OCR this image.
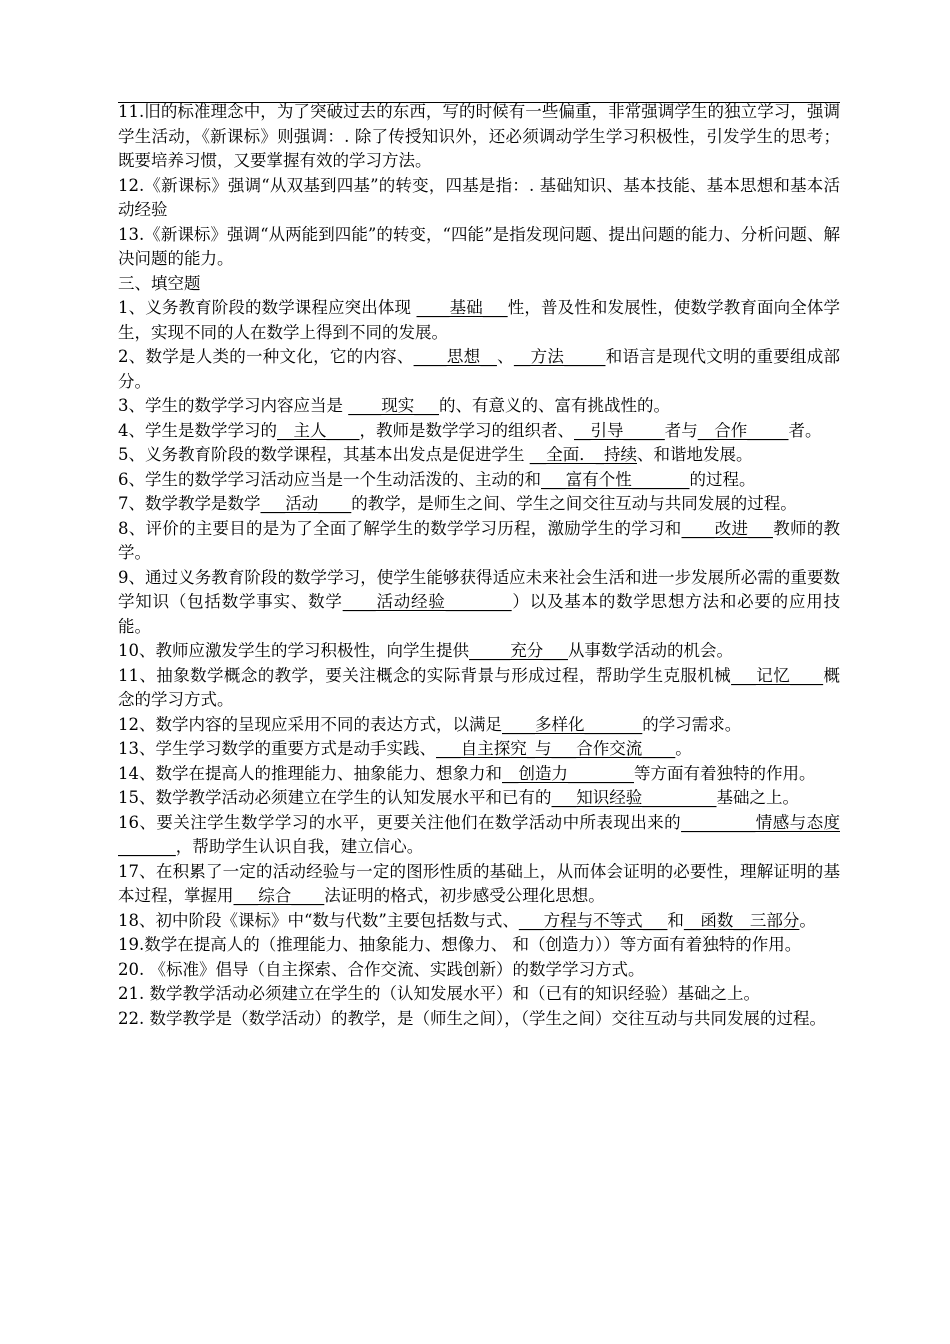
11.旧的标准理念中，为了突破过去的东西，写的时候有一些偏重，非常强调学生的独立学习，强调学生活动，《新课标》则强调：. 除了传授知识外，还必须调动学生学习积极性，引发学生的思考；既要培养习惯，又要掌握有效的学习方法。

12.《新课标》强调“从双基到四基”的转变，四基是指：. 基础知识、基本技能、基本思想和基本活动经验

13.《新课标》强调“从两能到四能”的转变，“四能”是指发现问题、提出问题的能力、分析问题、解决问题的能力。

三、填空题

1、义务教育阶段的数学课程应突出体现 ____基础___性，普及性和发展性，使数学教育面向全体学生，实现不同的人在数学上得到不同的发展。

2、数学是人类的一种文化，它的内容、____思想__、__方法_____和语言是现代文明的重要组成部分。

3、学生的数学学习内容应当是 ____现实___的、有意义的、富有挑战性的。

4、学生是数学学习的__主人____，教师是数学学习的组织者、__引导_____者与__合作_____者。

5、义务教育阶段的数学课程，其基本出发点是促进学生 __全面．_持续、和谐地发展。

6、学生的数学学习活动应当是一个生动活泼的、主动的和___富有个性_______的过程。

7、数学教学是数学___活动____的教学，是师生之间、学生之间交往互动与共同发展的过程。

8、评价的主要目的是为了全面了解学生的数学学习历程，激励学生的学习和____改进___教师的教学。

9、通过义务教育阶段的数学学习，使学生能够获得适应未来社会生活和进一步发展所必需的重要数学知识（包括数学事实、数学____活动经验________）以及基本的数学思想方法和必要的应用技能。

10、教师应激发学生的学习积极性，向学生提供_____充分___从事数学活动的机会。

11、抽象数学概念的教学，要关注概念的实际背景与形成过程，帮助学生克服机械___记忆____概念的学习方式。

12、数学内容的呈现应采用不同的表达方式，以满足____多样化_______的学习需求。

13、学生学习数学的重要方式是动手实践、___自主探究_与___合作交流____。

14、数学在提高人的推理能力、抽象能力、想象力和__创造力________等方面有着独特的作用。

15、数学教学活动必须建立在学生的认知发展水平和已有的___知识经验_________基础之上。

16、要关注学生数学学习的水平，更要关注他们在数学活动中所表现出来的_________情感与态度_______，帮助学生认识自我，建立信心。

17、在积累了一定的活动经验与一定的图形性质的基础上，从而体会证明的必要性，理解证明的基本过程，掌握用___综合____法证明的格式，初步感受公理化思想。

18、初中阶段《课标》中“数与代数”主要包括数与式、___方程与不等式___和__函数__三部分。

19.数学在提高人的（推理能力、抽象能力、想像力、 和（创造力））等方面有着独特的作用。

20. 《标准》倡导（自主探索、合作交流、实践创新）的数学学习方式。

21. 数学教学活动必须建立在学生的（认知发展水平）和（已有的知识经验）基础之上。

22. 数学教学是（数学活动）的教学，是（师生之间），（学生之间）交往互动与共同发展的过程。
